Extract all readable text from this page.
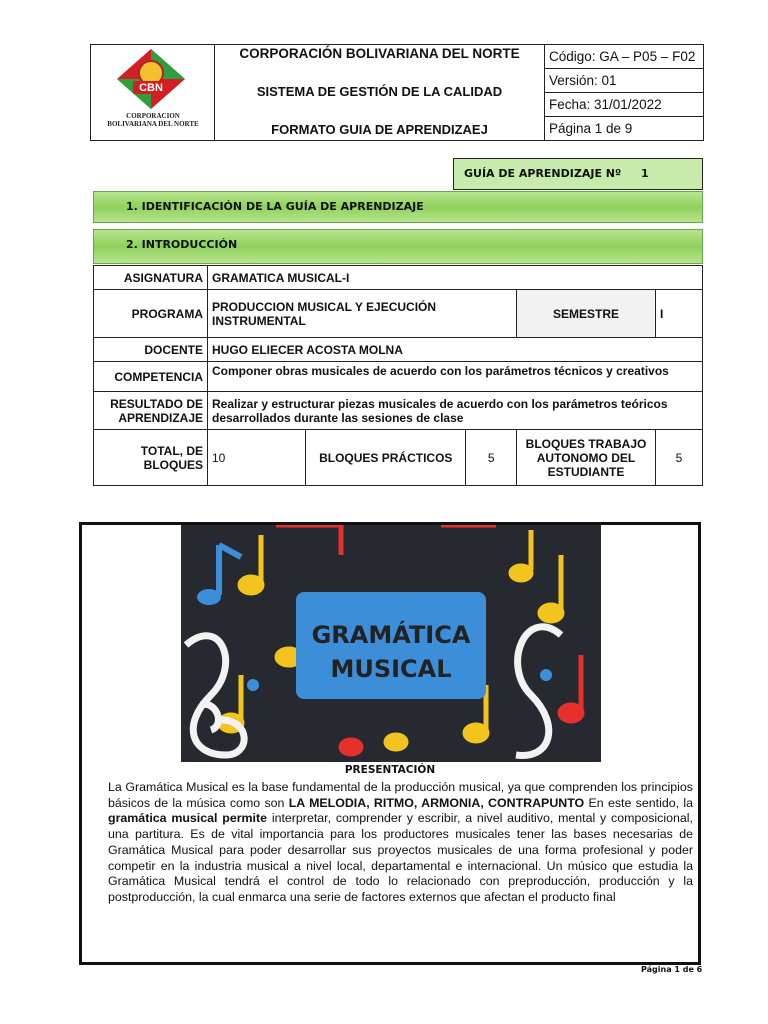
CBN
CORPORACION
BOLIVARIANA DEL NORTE
CORPORACIÓN BOLIVARIANA DEL NORTE
SISTEMA DE GESTIÓN DE LA CALIDAD
FORMATO GUIA DE APRENDIZAEJ
Código: GA – P05 – F02
Versión: 01
Fecha: 31/01/2022
Página 1 de 9
GUÍA DE APRENDIZAJE Nº 1
1. IDENTIFICACIÓN DE LA GUÍA DE APRENDIZAJE
2. INTRODUCCIÓN
ASIGNATURA	GRAMATICA MUSICAL-I				
PROGRAMA	PRODUCCION MUSICAL Y EJECUCIÓN INSTRUMENTAL			SEMESTRE	I
DOCENTE	HUGO ELIECER ACOSTA MOLNA				
COMPETENCIA	Componer obras musicales de acuerdo con los parámetros técnicos y creativos				
RESULTADO DE APRENDIZAJE	Realizar y estructurar piezas musicales de acuerdo con los parámetros teóricos desarrollados durante las sesiones de clase				
TOTAL, DE BLOQUES	10	BLOQUES PRÁCTICOS	5	BLOQUES TRABAJO AUTONOMO DEL ESTUDIANTE	5
GRAMÁTICA
MUSICAL
PRESENTACIÓN
La Gramática Musical es la base fundamental de la producción musical, ya que comprenden los principios básicos de la música como son LA MELODIA, RITMO, ARMONIA, CONTRAPUNTO En este sentido, la gramática musical permite interpretar, comprender y escribir, a nivel auditivo, mental y composicional, una partitura. Es de vital importancia para los productores musicales tener las bases necesarias de Gramática Musical para poder desarrollar sus proyectos musicales de una forma profesional y poder competir en la industria musical a nivel local, departamental e internacional. Un músico que estudia la Gramática Musical tendrá el control de todo lo relacionado con preproducción, producción y la postproducción, la cual enmarca una serie de factores externos que afectan el producto final
Página 1 de 6
